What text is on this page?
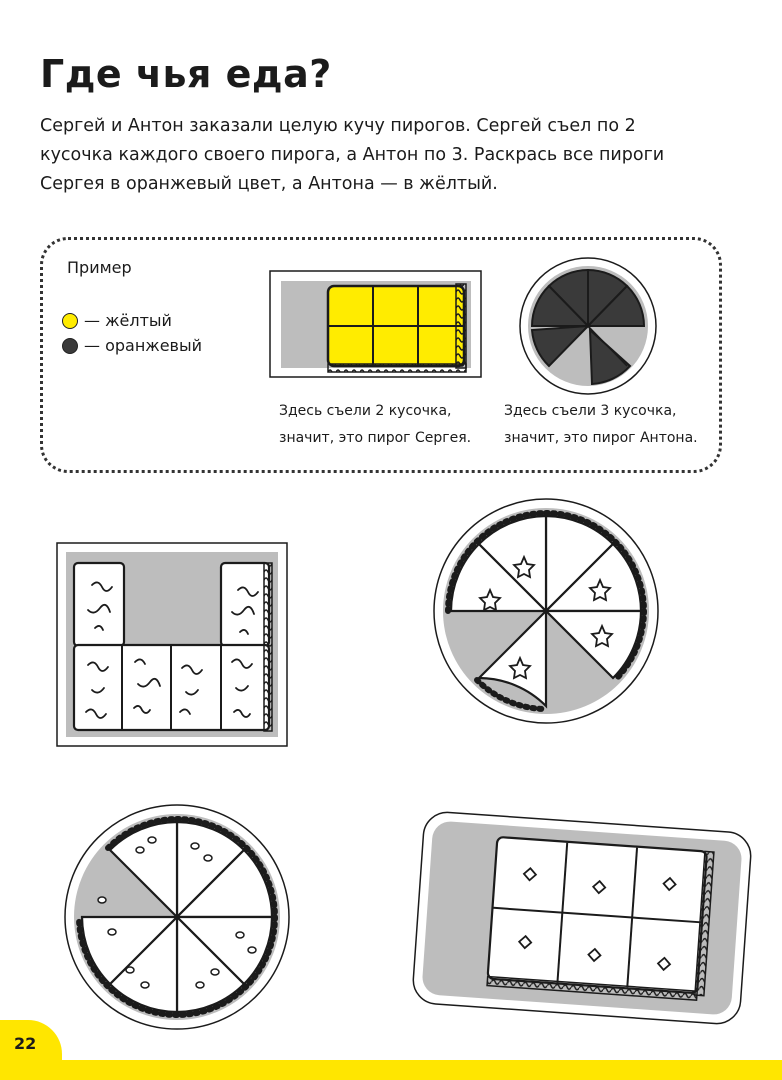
Где чья еда?
Сергей и Антон заказали целую кучу пирогов. Сергей съел по 2
кусочка каждого своего пирога, а Антон по 3. Раскрась все пироги
Сергея в оранжевый цвет, а Антона — в жёлтый.
Пример
— жёлтый
— оранжевый
Здесь съели 2 кусочка,
значит, это пирог Сергея.
Здесь съели 3 кусочка,
значит, это пирог Антона.
22
